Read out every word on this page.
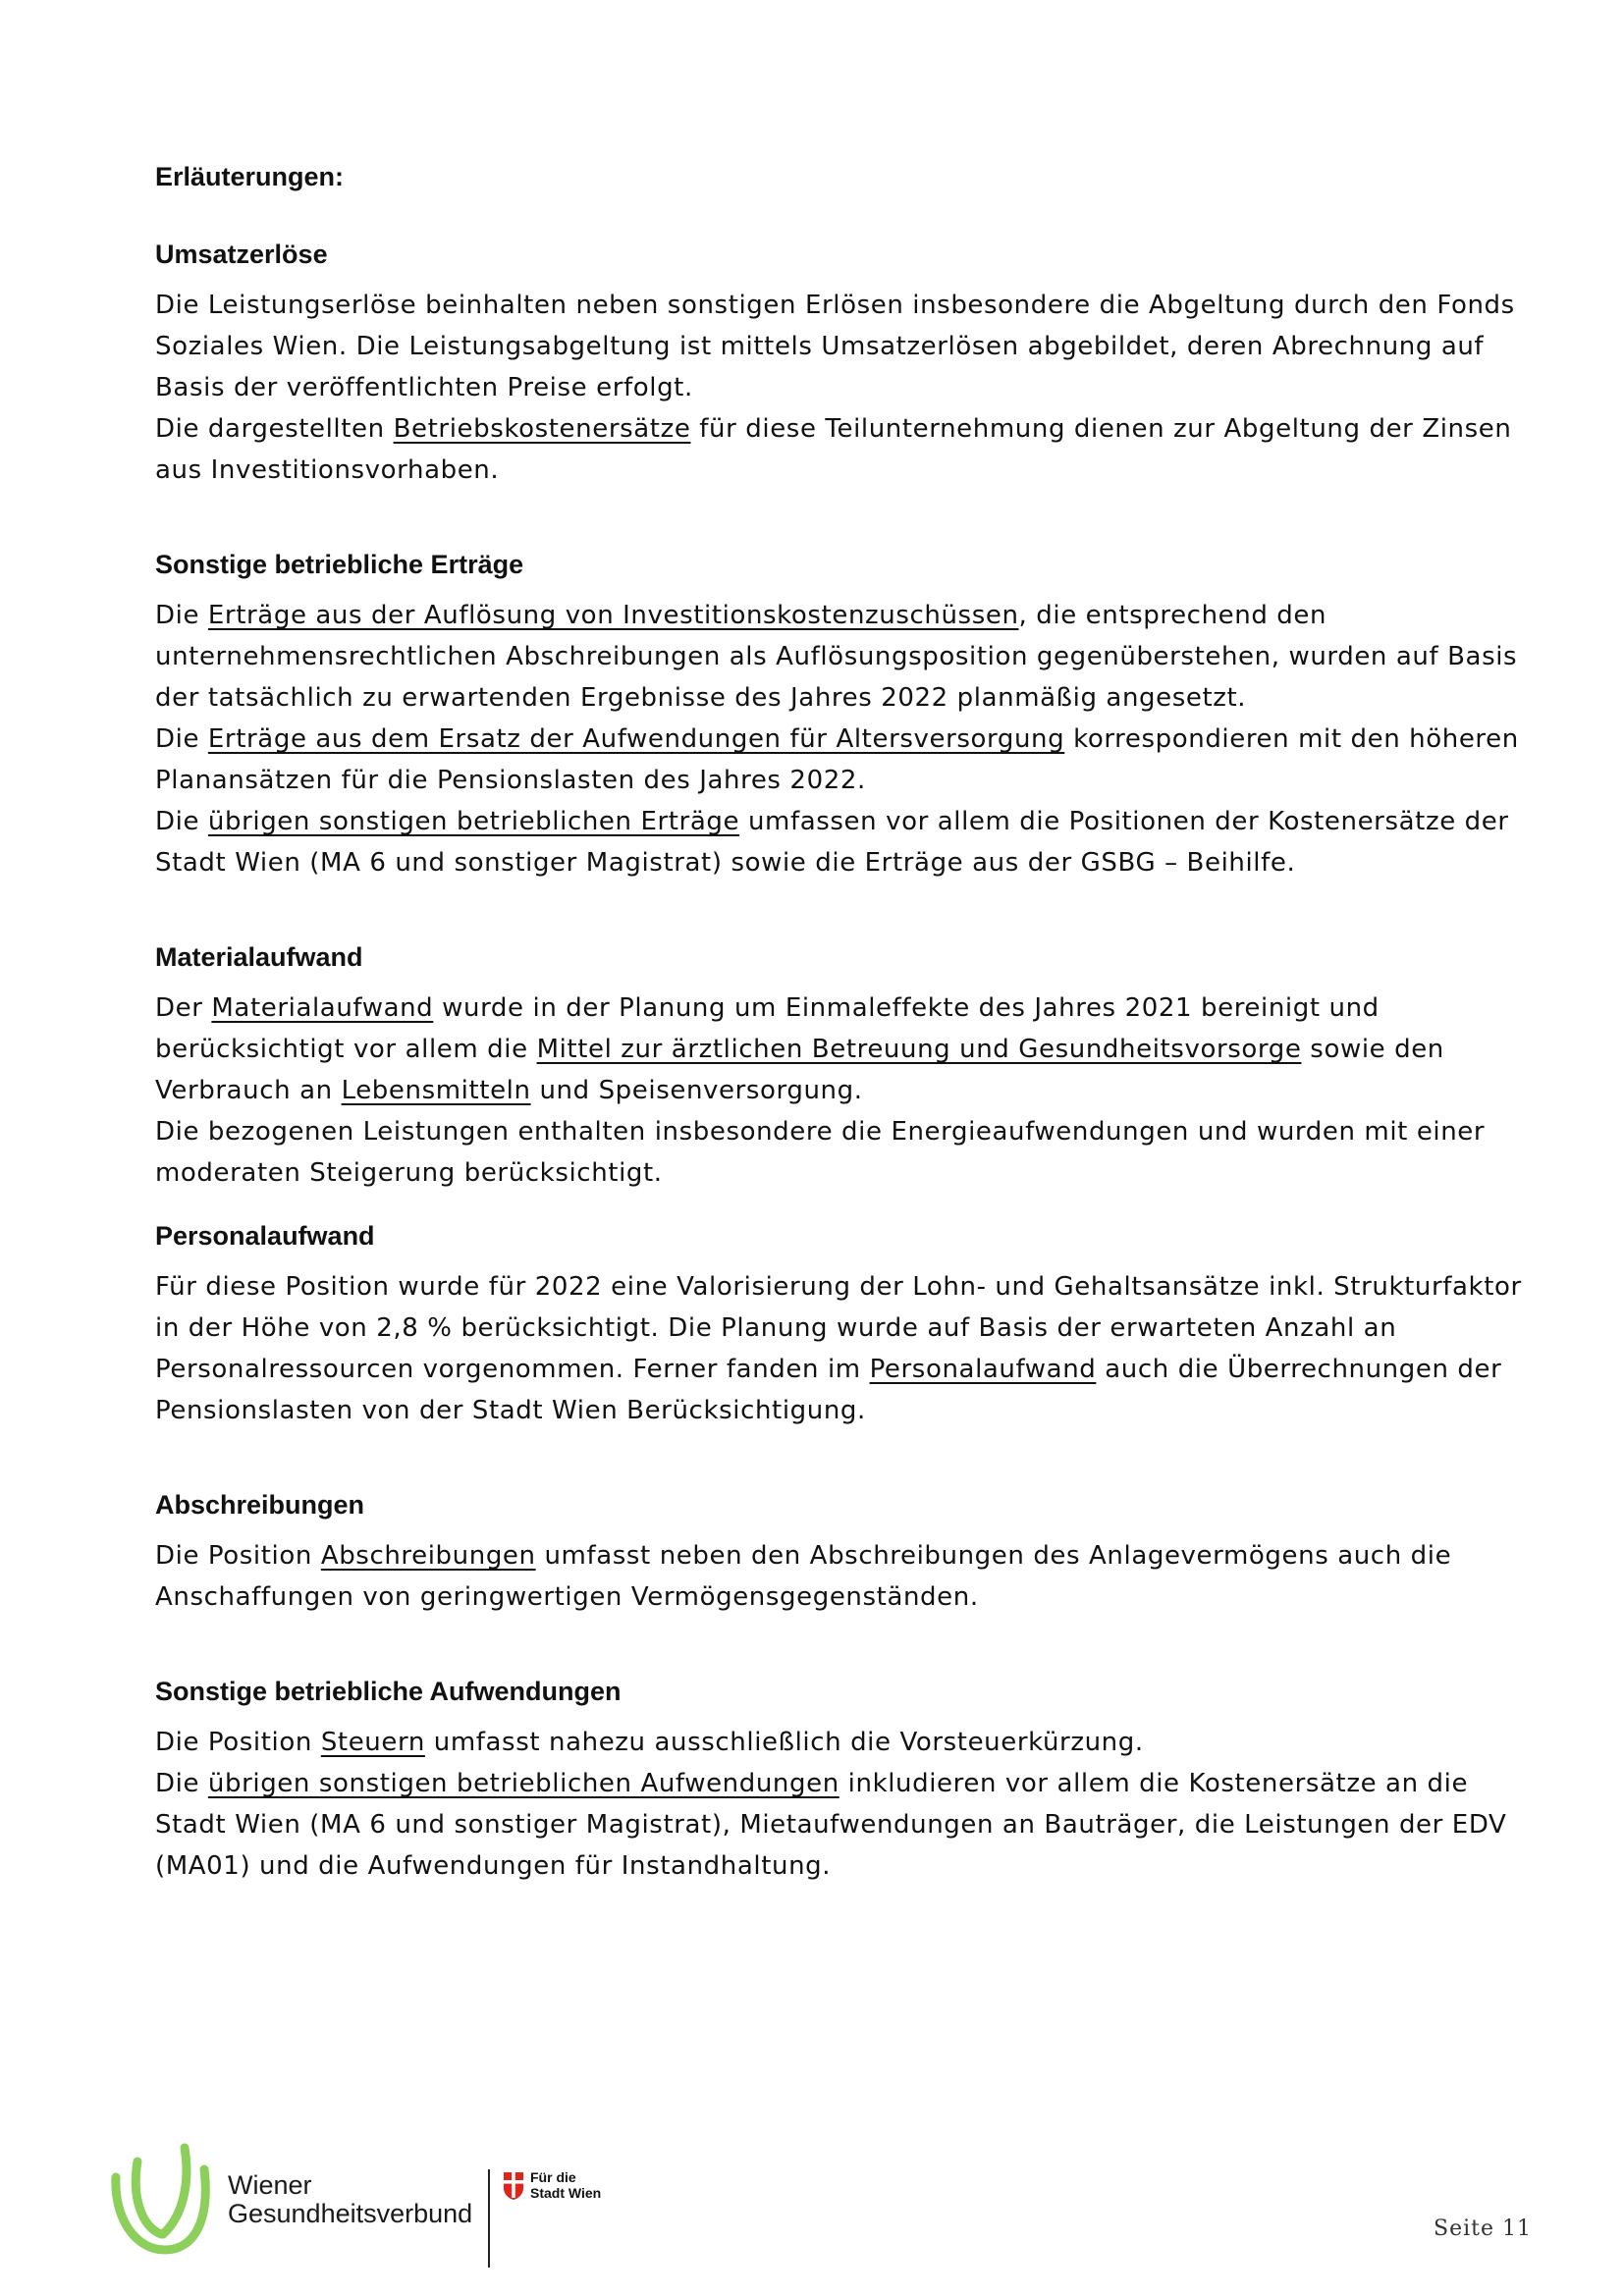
Erläuterungen:
Umsatzerlöse

Die Leistungserlöse beinhalten neben sonstigen Erlösen insbesondere die Abgeltung durch den Fonds Soziales Wien. Die Leistungsabgeltung ist mittels Umsatzerlösen abgebildet, deren Abrechnung auf Basis der veröffentlichten Preise erfolgt.

Die dargestellten Betriebskostenersätze für diese Teilunternehmung dienen zur Abgeltung der Zinsen aus Investitionsvorhaben.

Sonstige betriebliche Erträge

Die Erträge aus der Auflösung von Investitionskostenzuschüssen, die entsprechend den unternehmensrechtlichen Abschreibungen als Auflösungsposition gegenüberstehen, wurden auf Basis der tatsächlich zu erwartenden Ergebnisse des Jahres 2022 planmäßig angesetzt.

Die Erträge aus dem Ersatz der Aufwendungen für Altersversorgung korrespondieren mit den höheren Planansätzen für die Pensionslasten des Jahres 2022.

Die übrigen sonstigen betrieblichen Erträge umfassen vor allem die Positionen der Kostenersätze der Stadt Wien (MA 6 und sonstiger Magistrat) sowie die Erträge aus der GSBG – Beihilfe.

Materialaufwand

Der Materialaufwand wurde in der Planung um Einmaleffekte des Jahres 2021 bereinigt und berücksichtigt vor allem die Mittel zur ärztlichen Betreuung und Gesundheitsvorsorge sowie den Verbrauch an Lebensmitteln und Speisenversorgung.

Die bezogenen Leistungen enthalten insbesondere die Energieaufwendungen und wurden mit einer moderaten Steigerung berücksichtigt.

Personalaufwand

Für diese Position wurde für 2022 eine Valorisierung der Lohn- und Gehaltsansätze inkl. Strukturfaktor in der Höhe von 2,8 % berücksichtigt. Die Planung wurde auf Basis der erwarteten Anzahl an Personalressourcen vorgenommen. Ferner fanden im Personalaufwand auch die Überrechnungen der Pensionslasten von der Stadt Wien Berücksichtigung.

Abschreibungen

Die Position Abschreibungen umfasst neben den Abschreibungen des Anlagevermögens auch die Anschaffungen von geringwertigen Vermögensgegenständen.

Sonstige betriebliche Aufwendungen

Die Position Steuern umfasst nahezu ausschließlich die Vorsteuerkürzung.

Die übrigen sonstigen betrieblichen Aufwendungen inkludieren vor allem die Kostenersätze an die Stadt Wien (MA 6 und sonstiger Magistrat), Mietaufwendungen an Bauträger, die Leistungen der EDV (MA01) und die Aufwendungen für Instandhaltung.

Wiener
Gesundheitsverbund
Für die
Stadt Wien
Seite 11
